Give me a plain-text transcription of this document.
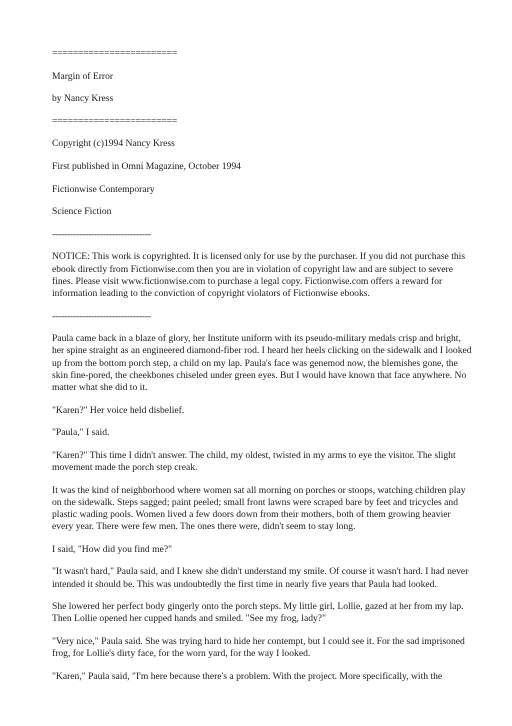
========================
Margin of Error
by Nancy Kress
========================
Copyright (c)1994 Nancy Kress
First published in Omni Magazine, October 1994
Fictionwise Contemporary
Science Fiction
---------------------------------
NOTICE: This work is copyrighted. It is licensed only for use by the purchaser. If you did not purchase this ebook directly from Fictionwise.com then you are in violation of copyright law and are subject to severe fines. Please visit www.fictionwise.com to purchase a legal copy. Fictionwise.com offers a reward for information leading to the conviction of copyright violators of Fictionwise ebooks.
---------------------------------
Paula came back in a blaze of glory, her Institute uniform with its pseudo-military medals crisp and bright, her spine straight as an engineered diamond-fiber rod. I heard her heels clicking on the sidewalk and I looked up from the bottom porch step, a child on my lap. Paula's face was genemod now, the blemishes gone, the skin fine-pored, the cheekbones chiseled under green eyes. But I would have known that face anywhere. No matter what she did to it.
"Karen?" Her voice held disbelief.
"Paula," I said.
"Karen?" This time I didn't answer. The child, my oldest, twisted in my arms to eye the visitor. The slight movement made the porch step creak.
It was the kind of neighborhood where women sat all morning on porches or stoops, watching children play on the sidewalk. Steps sagged; paint peeled; small front lawns were scraped bare by feet and tricycles and plastic wading pools. Women lived a few doors down from their mothers, both of them growing heavier every year. There were few men. The ones there were, didn't seem to stay long.
I said, "How did you find me?"
"It wasn't hard," Paula said, and I knew she didn't understand my smile. Of course it wasn't hard. I had never intended it should be. This was undoubtedly the first time in nearly five years that Paula had looked.
She lowered her perfect body gingerly onto the porch steps. My little girl, Lollie, gazed at her from my lap. Then Lollie opened her cupped hands and smiled. "See my frog, lady?"
"Very nice," Paula said. She was trying hard to hide her contempt, but I could see it. For the sad imprisoned frog, for Lollie's dirty face, for the worn yard, for the way I looked.
"Karen," Paula said, "I'm here because there's a problem. With the project. More specifically, with the
